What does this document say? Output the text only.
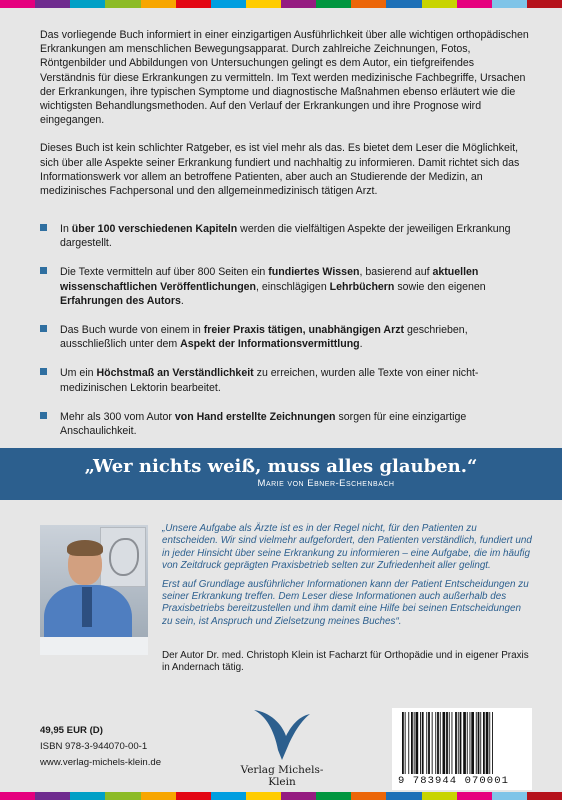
Das vorliegende Buch informiert in einer einzigartigen Ausführlichkeit über alle wichtigen orthopädischen Erkrankungen am menschlichen Bewegungsapparat. Durch zahlreiche Zeichnungen, Fotos, Röntgenbilder und Abbildungen von Untersuchungen gelingt es dem Autor, ein tiefgreifendes Verständnis für diese Erkrankungen zu vermitteln. Im Text werden medizinische Fachbegriffe, Ursachen der Erkrankungen, ihre typischen Symptome und diagnostische Maßnahmen ebenso erläutert wie die wichtigsten Behandlungsmethoden. Auf den Verlauf der Erkrankungen und ihre Prognose wird eingegangen.

Dieses Buch ist kein schlichter Ratgeber, es ist viel mehr als das. Es bietet dem Leser die Möglichkeit, sich über alle Aspekte seiner Erkrankung fundiert und nachhaltig zu informieren. Damit richtet sich das Informationswerk vor allem an betroffene Patienten, aber auch an Studierende der Medizin, an medizinisches Fachpersonal und den allgemeinmedizinisch tätigen Arzt.

In über 100 verschiedenen Kapiteln werden die vielfältigen Aspekte der jeweiligen Erkrankung dargestellt.
Die Texte vermitteln auf über 800 Seiten ein fundiertes Wissen, basierend auf aktuellen wissenschaftlichen Veröffentlichungen, einschlägigen Lehrbüchern sowie den eigenen Erfahrungen des Autors.
Das Buch wurde von einem in freier Praxis tätigen, unabhängigen Arzt geschrieben, ausschließlich unter dem Aspekt der Informationsvermittlung.
Um ein Höchstmaß an Verständlichkeit zu erreichen, wurden alle Texte von einer nicht-medizinischen Lektorin bearbeitet.
Mehr als 300 vom Autor von Hand erstellte Zeichnungen sorgen für eine einzigartige Anschaulichkeit.
„Wer nichts weiß, muss alles glauben.“
Marie von Ebner-Eschenbach

„Unsere Aufgabe als Ärzte ist es in der Regel nicht, für den Patienten zu entscheiden. Wir sind vielmehr aufgefordert, den Patienten verständlich, fundiert und in jeder Hinsicht über seine Erkrankung zu informieren – eine Aufgabe, die im häufig von Zeitdruck geprägten Praxisbetrieb selten zur Zufriedenheit aller gelingt.

Erst auf Grundlage ausführlicher Informationen kann der Patient Entscheidungen zu seiner Erkrankung treffen. Dem Leser diese Informationen auch außerhalb des Praxisbetriebs bereitzustellen und ihm damit eine Hilfe bei seinen Entscheidungen zu sein, ist Anspruch und Zielsetzung meines Buches“.

Der Autor Dr. med. Christoph Klein ist Facharzt für Orthopädie und in eigener Praxis in Andernach tätig.
49,95 EUR (D)
ISBN 978-3-944070-00-1
www.verlag-michels-klein.de
Verlag Michels-Klein	9 783944 070001
